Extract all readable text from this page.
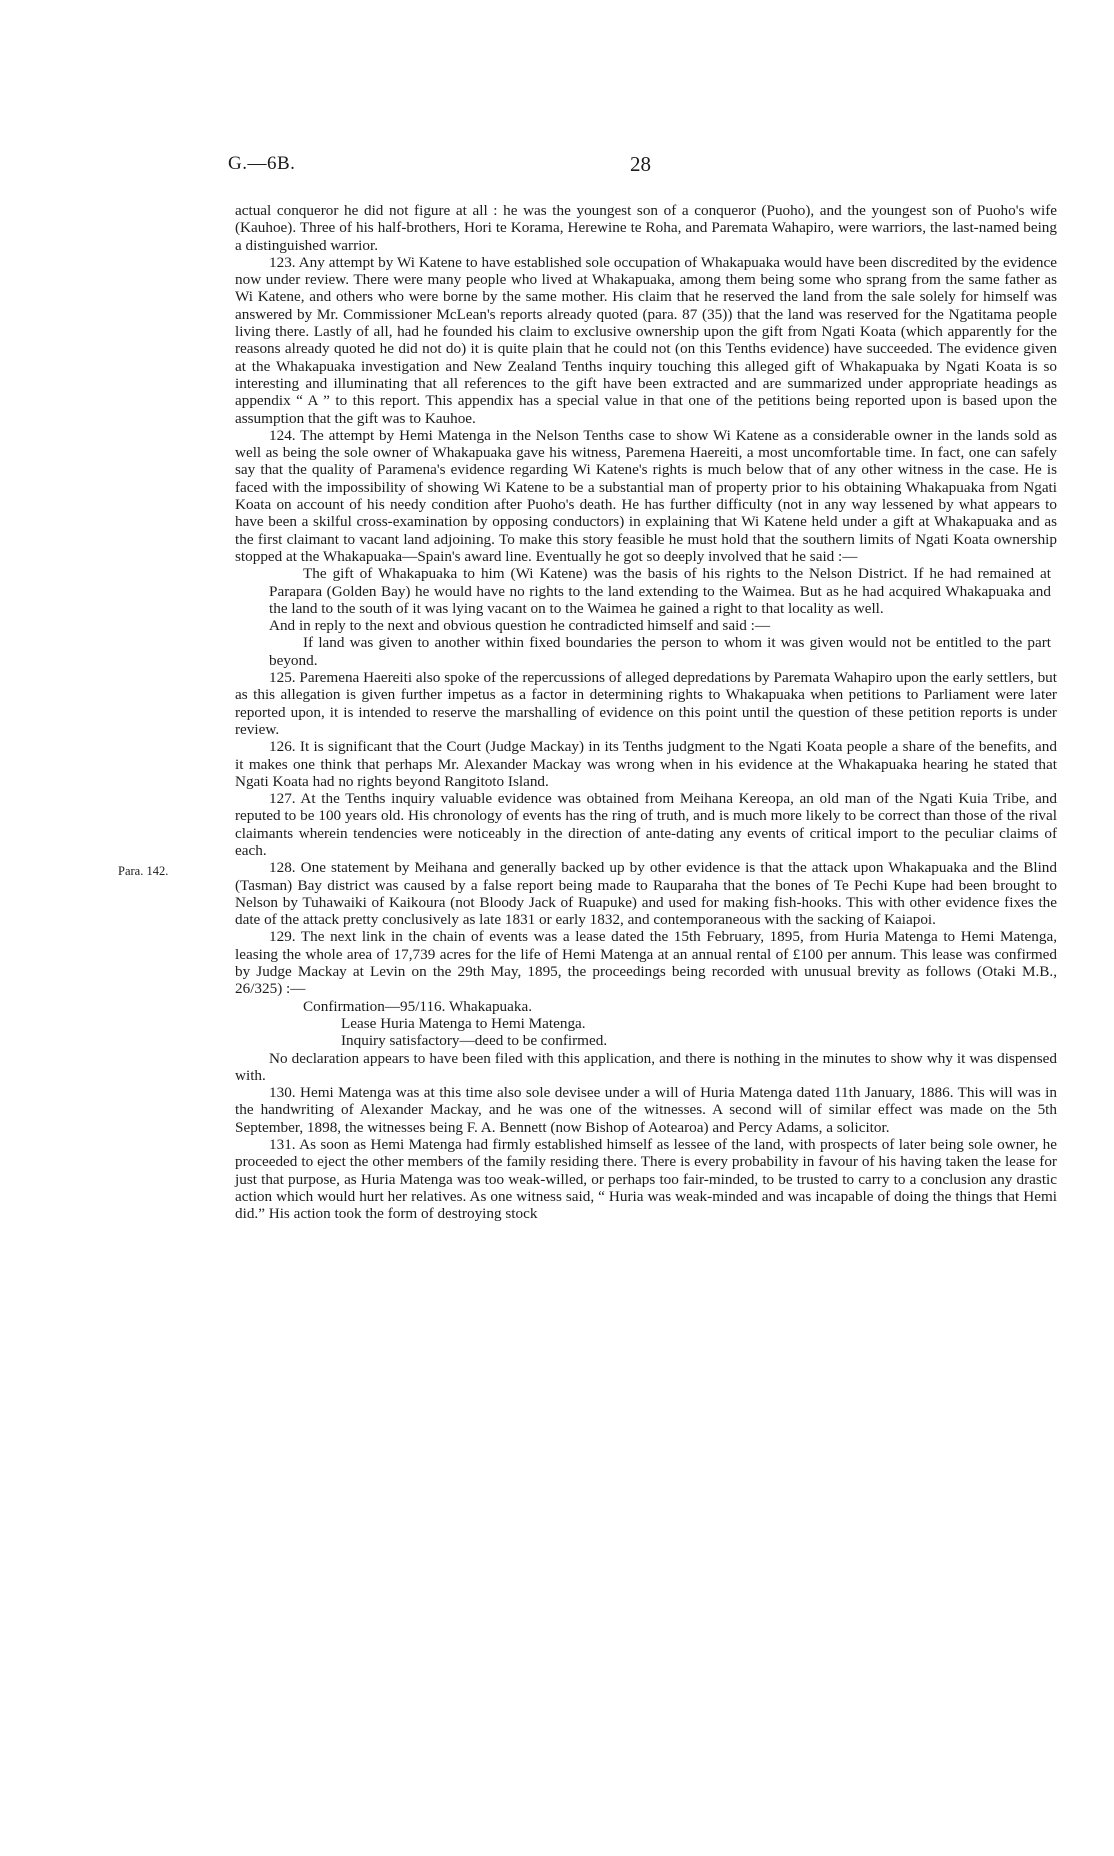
G.—6B.	28
Para. 142.

actual conqueror he did not figure at all : he was the youngest son of a conqueror (Puoho), and the youngest son of Puoho's wife (Kauhoe). Three of his half-brothers, Hori te Korama, Herewine te Roha, and Paremata Wahapiro, were warriors, the last-named being a distinguished warrior.

123. Any attempt by Wi Katene to have established sole occupation of Whakapuaka would have been discredited by the evidence now under review. There were many people who lived at Whakapuaka, among them being some who sprang from the same father as Wi Katene, and others who were borne by the same mother. His claim that he reserved the land from the sale solely for himself was answered by Mr. Commissioner McLean's reports already quoted (para. 87 (35)) that the land was reserved for the Ngatitama people living there. Lastly of all, had he founded his claim to exclusive ownership upon the gift from Ngati Koata (which apparently for the reasons already quoted he did not do) it is quite plain that he could not (on this Tenths evidence) have succeeded. The evidence given at the Whakapuaka investigation and New Zealand Tenths inquiry touching this alleged gift of Whakapuaka by Ngati Koata is so interesting and illuminating that all references to the gift have been extracted and are summarized under appropriate headings as appendix “ A ” to this report. This appendix has a special value in that one of the petitions being reported upon is based upon the assumption that the gift was to Kauhoe.

124. The attempt by Hemi Matenga in the Nelson Tenths case to show Wi Katene as a considerable owner in the lands sold as well as being the sole owner of Whakapuaka gave his witness, Paremena Haereiti, a most uncomfortable time. In fact, one can safely say that the quality of Paramena's evidence regarding Wi Katene's rights is much below that of any other witness in the case. He is faced with the impossibility of showing Wi Katene to be a substantial man of property prior to his obtaining Whakapuaka from Ngati Koata on account of his needy condition after Puoho's death. He has further difficulty (not in any way lessened by what appears to have been a skilful cross-examination by opposing conductors) in explaining that Wi Katene held under a gift at Whakapuaka and as the first claimant to vacant land adjoining. To make this story feasible he must hold that the southern limits of Ngati Koata ownership stopped at the Whakapuaka—Spain's award line. Eventually he got so deeply involved that he said :—

The gift of Whakapuaka to him (Wi Katene) was the basis of his rights to the Nelson District. If he had remained at Parapara (Golden Bay) he would have no rights to the land extending to the Waimea. But as he had acquired Whakapuaka and the land to the south of it was lying vacant on to the Waimea he gained a right to that locality as well.

And in reply to the next and obvious question he contradicted himself and said :—

If land was given to another within fixed boundaries the person to whom it was given would not be entitled to the part beyond.

125. Paremena Haereiti also spoke of the repercussions of alleged depredations by Paremata Wahapiro upon the early settlers, but as this allegation is given further impetus as a factor in determining rights to Whakapuaka when petitions to Parliament were later reported upon, it is intended to reserve the marshalling of evidence on this point until the question of these petition reports is under review.

126. It is significant that the Court (Judge Mackay) in its Tenths judgment to the Ngati Koata people a share of the benefits, and it makes one think that perhaps Mr. Alexander Mackay was wrong when in his evidence at the Whakapuaka hearing he stated that Ngati Koata had no rights beyond Rangitoto Island.

127. At the Tenths inquiry valuable evidence was obtained from Meihana Kereopa, an old man of the Ngati Kuia Tribe, and reputed to be 100 years old. His chronology of events has the ring of truth, and is much more likely to be correct than those of the rival claimants wherein tendencies were noticeably in the direction of ante-dating any events of critical import to the peculiar claims of each.

128. One statement by Meihana and generally backed up by other evidence is that the attack upon Whakapuaka and the Blind (Tasman) Bay district was caused by a false report being made to Rauparaha that the bones of Te Pechi Kupe had been brought to Nelson by Tuhawaiki of Kaikoura (not Bloody Jack of Ruapuke) and used for making fish-hooks. This with other evidence fixes the date of the attack pretty conclusively as late 1831 or early 1832, and contemporaneous with the sacking of Kaiapoi.

129. The next link in the chain of events was a lease dated the 15th February, 1895, from Huria Matenga to Hemi Matenga, leasing the whole area of 17,739 acres for the life of Hemi Matenga at an annual rental of £100 per annum. This lease was confirmed by Judge Mackay at Levin on the 29th May, 1895, the proceedings being recorded with unusual brevity as follows (Otaki M.B., 26/325) :—

Confirmation—95/116. Whakapuaka.

Lease Huria Matenga to Hemi Matenga.

Inquiry satisfactory—deed to be confirmed.

No declaration appears to have been filed with this application, and there is nothing in the minutes to show why it was dispensed with.

130. Hemi Matenga was at this time also sole devisee under a will of Huria Matenga dated 11th January, 1886. This will was in the handwriting of Alexander Mackay, and he was one of the witnesses. A second will of similar effect was made on the 5th September, 1898, the witnesses being F. A. Bennett (now Bishop of Aotearoa) and Percy Adams, a solicitor.

131. As soon as Hemi Matenga had firmly established himself as lessee of the land, with prospects of later being sole owner, he proceeded to eject the other members of the family residing there. There is every probability in favour of his having taken the lease for just that purpose, as Huria Matenga was too weak-willed, or perhaps too fair-minded, to be trusted to carry to a conclusion any drastic action which would hurt her relatives. As one witness said, “ Huria was weak-minded and was incapable of doing the things that Hemi did.” His action took the form of destroying stock
